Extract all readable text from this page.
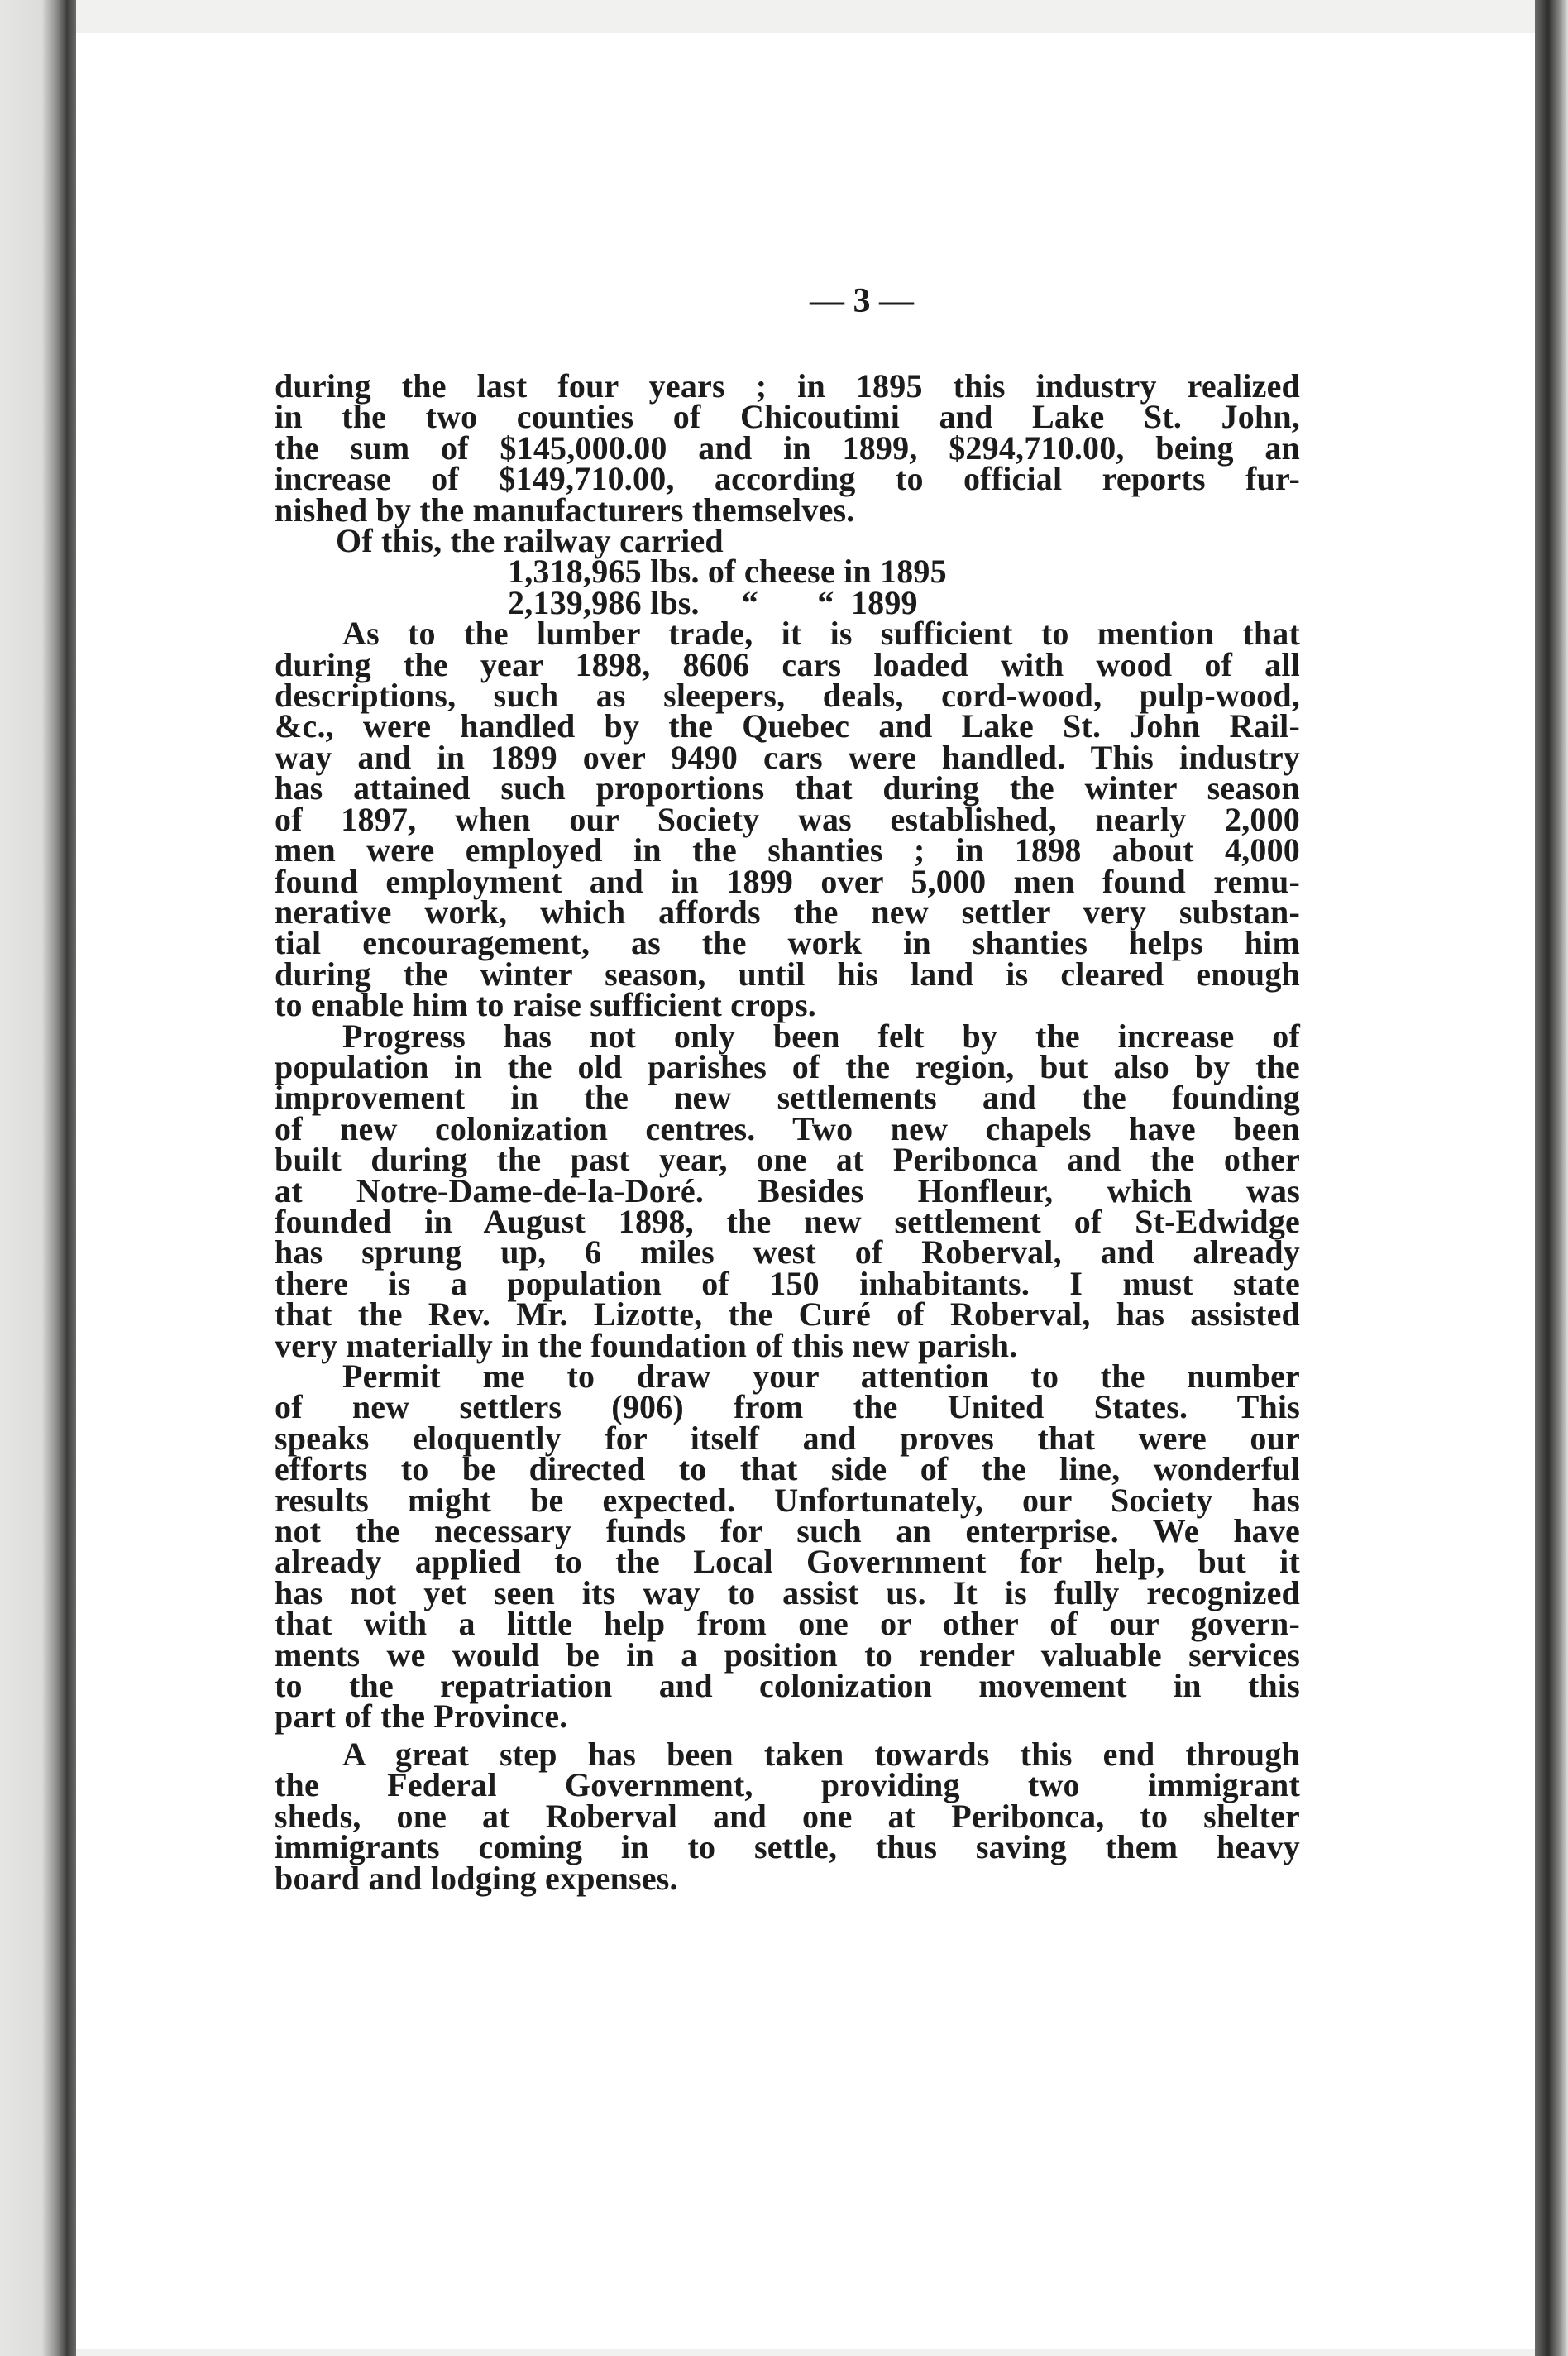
— 3 —
during the last four years ; in 1895 this industry realized
in the two counties of Chicoutimi and Lake St. John,
the sum of $145,000.00 and in 1899, $294,710.00, being an
increase of $149,710.00, according to official reports fur-
nished by the manufacturers themselves.
Of this, the railway carried
1,318,965 lbs. of cheese in 1895
2,139,986 lbs.     “       “  1899
As to the lumber trade, it is sufficient to mention that
during the year 1898, 8606 cars loaded with wood of all
descriptions, such as sleepers, deals, cord-wood, pulp-wood,
&c., were handled by the Quebec and Lake St. John Rail-
way and in 1899 over 9490 cars were handled. This industry
has attained such proportions that during the winter season
of 1897, when our Society was established, nearly 2,000
men were employed in the shanties ; in 1898 about 4,000
found employment and in 1899 over 5,000 men found remu-
nerative work, which affords the new settler very substan-
tial encouragement, as the work in shanties helps him
during the winter season, until his land is cleared enough
to enable him to raise sufficient crops.
Progress has not only been felt by the increase of
population in the old parishes of the region, but also by the
improvement in the new settlements and the founding
of new colonization centres. Two new chapels have been
built during the past year, one at Peribonca and the other
at Notre-Dame-de-la-Doré. Besides Honfleur, which was
founded in August 1898, the new settlement of St-Edwidge
has sprung up, 6 miles west of Roberval, and already
there is a population of 150 inhabitants. I must state
that the Rev. Mr. Lizotte, the Curé of Roberval, has assisted
very materially in the foundation of this new parish.
Permit me to draw your attention to the number
of new settlers (906) from the United States. This
speaks eloquently for itself and proves that were our
efforts to be directed to that side of the line, wonderful
results might be expected. Unfortunately, our Society has
not the necessary funds for such an enterprise. We have
already applied to the Local Government for help, but it
has not yet seen its way to assist us. It is fully recognized
that with a little help from one or other of our govern-
ments we would be in a position to render valuable services
to the repatriation and colonization movement in this
part of the Province.
A great step has been taken towards this end through
the Federal Government, providing two immigrant
sheds, one at Roberval and one at Peribonca, to shelter
immigrants coming in to settle, thus saving them heavy
board and lodging expenses.
